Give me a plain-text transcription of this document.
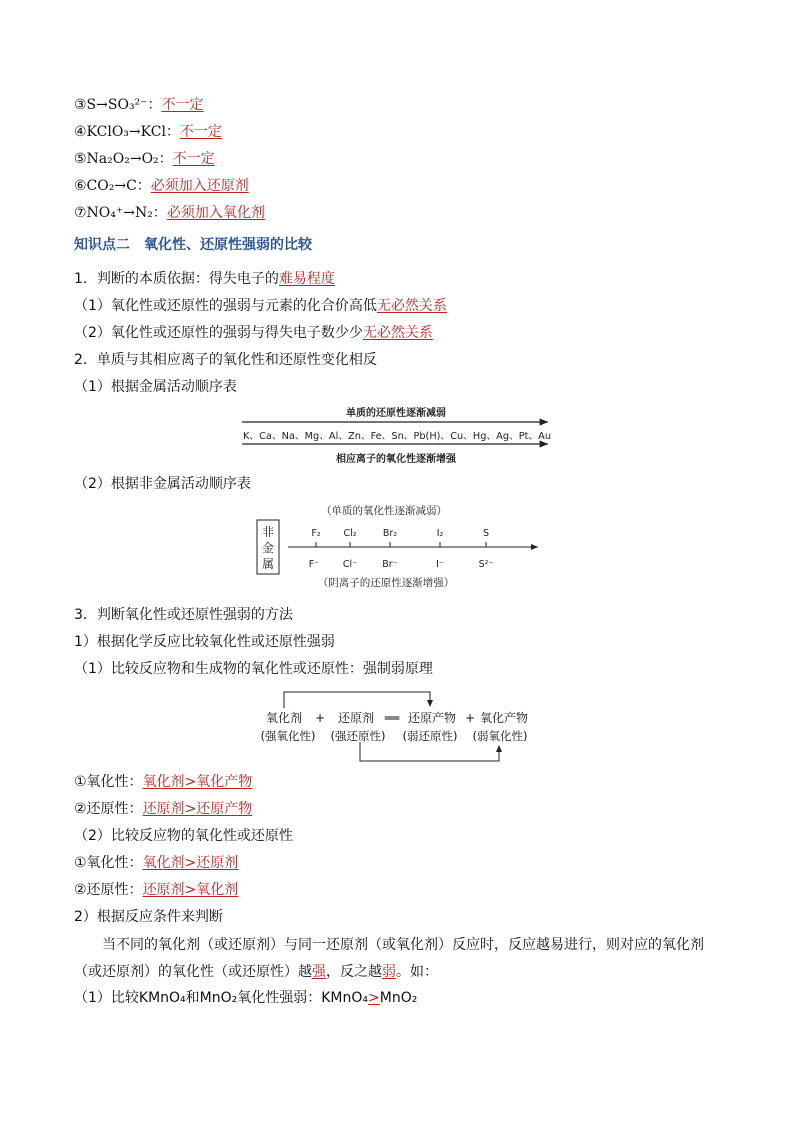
③S→SO₃²⁻：不一定
④KClO₃→KCl：不一定
⑤Na₂O₂→O₂：不一定
⑥CO₂→C：必须加入还原剂
⑦NO₄⁺→N₂：必须加入氧化剂
知识点二　氧化性、还原性强弱的比较
1．判断的本质依据：得失电子的难易程度
（1）氧化性或还原性的强弱与元素的化合价高低无必然关系
（2）氧化性或还原性的强弱与得失电子数少少无必然关系
2．单质与其相应离子的氧化性和还原性变化相反
（1）根据金属活动顺序表
单质的还原性逐渐减弱
K、Ca、Na、Mg、Al、Zn、Fe、Sn、Pb(H)、Cu、Hg、Ag、Pt、Au
相应离子的氧化性逐渐增强
（2）根据非金属活动顺序表
非
金
属
（单质的氧化性逐渐减弱）
F₂ Cl₂	Br₂	I₂	S
F⁻ Cl⁻	Br⁻	I⁻	S²⁻
（阴离子的还原性逐渐增强）
3．判断氧化性或还原性强弱的方法
1）根据化学反应比较氧化性或还原性强弱
（1）比较反应物和生成物的氧化性或还原性：强制弱原理
氧化剂 + 还原剂 ══ 还原产物 + 氧化产物
(强氧化性) (强还原性) (弱还原性) (弱氧化性)
①氧化性：氧化剂>氧化产物
②还原性：还原剂>还原产物
（2）比较反应物的氧化性或还原性
①氧化性：氧化剂>还原剂
②还原性：还原剂>氧化剂
2）根据反应条件来判断
当不同的氧化剂（或还原剂）与同一还原剂（或氧化剂）反应时，反应越易进行，则对应的氧化剂（或还原剂）的氧化性（或还原性）越强，反之越弱。如：
（1）比较KMnO₄和MnO₂氧化性强弱：KMnO₄>MnO₂
